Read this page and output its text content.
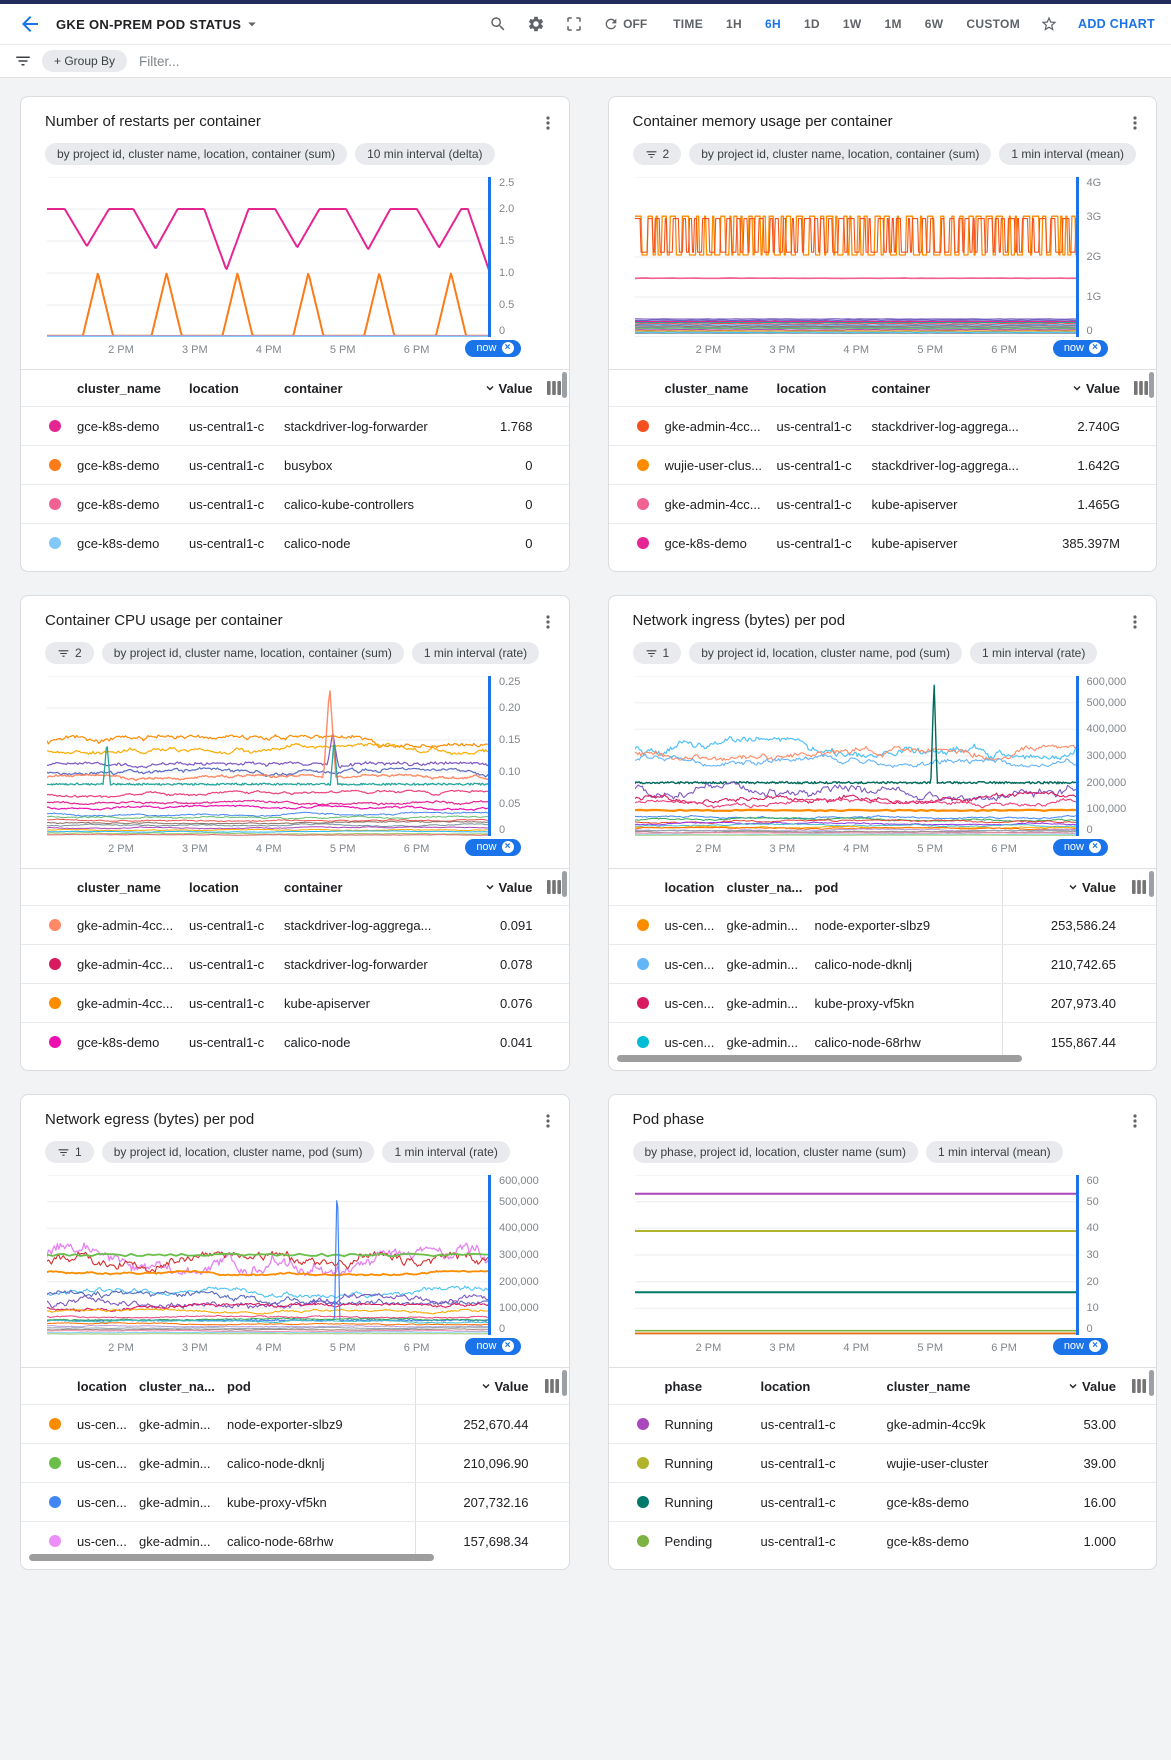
GKE ON-PREM POD STATUS	OFF TIME 1H 6H 1D 1W 1M 6W CUSTOM	ADD CHART
+ Group By
Filter...
Number of restarts per container
by project id, cluster name, location, container (sum)	10 min interval (delta)
2.5
2.0
1.5
1.0
0.5
0
2 PM	3 PM	4 PM	5 PM	6 PM	now ×
cluster_name	location	container	Value
gce-k8s-demo	us-central1-c	stackdriver-log-forwarder	1.768
gce-k8s-demo	us-central1-c	busybox	0
gce-k8s-demo	us-central1-c	calico-kube-controllers	0
gce-k8s-demo	us-central1-c	calico-node	0
Container memory usage per container
2	by project id, cluster name, location, container (sum)	1 min interval (mean)
4G
3G
2G
1G
0
2 PM	3 PM	4 PM	5 PM	6 PM	now ×
cluster_name	location	container	Value
gke-admin-4cc...	us-central1-c	stackdriver-log-aggrega...	2.740G
wujie-user-clus...	us-central1-c	stackdriver-log-aggrega...	1.642G
gke-admin-4cc...	us-central1-c	kube-apiserver	1.465G
gce-k8s-demo	us-central1-c	kube-apiserver	385.397M
Container CPU usage per container
2	by project id, cluster name, location, container (sum)	1 min interval (rate)
0.25
0.20
0.15
0.10
0.05
0
2 PM	3 PM	4 PM	5 PM	6 PM	now ×
cluster_name	location	container	Value
gke-admin-4cc...	us-central1-c	stackdriver-log-aggrega...	0.091
gke-admin-4cc...	us-central1-c	stackdriver-log-forwarder	0.078
gke-admin-4cc...	us-central1-c	kube-apiserver	0.076
gce-k8s-demo	us-central1-c	calico-node	0.041
Network ingress (bytes) per pod
1	by project id, location, cluster name, pod (sum)	1 min interval (rate)
600,000
500,000
400,000
300,000
200,000
100,000
0
2 PM	3 PM	4 PM	5 PM	6 PM	now ×
location cluster_na... pod	Value
us-cen... gke-admin...	node-exporter-slbz9	253,586.24
us-cen... gke-admin...	calico-node-dknlj	210,742.65
us-cen... gke-admin...	kube-proxy-vf5kn	207,973.40
us-cen... gke-admin...	calico-node-68rhw	155,867.44
Network egress (bytes) per pod
1	by project id, location, cluster name, pod (sum)	1 min interval (rate)
600,000
500,000
400,000
300,000
200,000
100,000
0
2 PM	3 PM	4 PM	5 PM	6 PM	now ×
location cluster_na... pod	Value
us-cen... gke-admin...	node-exporter-slbz9	252,670.44
us-cen... gke-admin...	calico-node-dknlj	210,096.90
us-cen... gke-admin...	kube-proxy-vf5kn	207,732.16
us-cen... gke-admin...	calico-node-68rhw	157,698.34
Pod phase
by phase, project id, location, cluster name (sum)	1 min interval (mean)
60
50
40
30
20
10
0
2 PM	3 PM	4 PM	5 PM	6 PM	now ×
phase	location	cluster_name	Value
Running	us-central1-c	gke-admin-4cc9k	53.00
Running	us-central1-c	wujie-user-cluster	39.00
Running	us-central1-c	gce-k8s-demo	16.00
Pending	us-central1-c	gce-k8s-demo	1.000
